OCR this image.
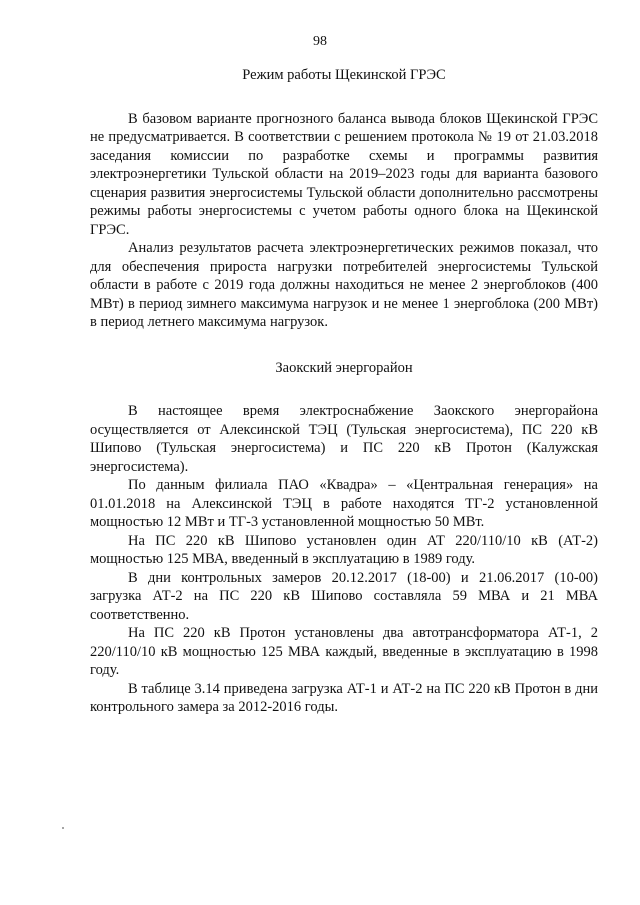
98
Режим работы Щекинской ГРЭС

В базовом варианте прогнозного баланса вывода блоков Щекинской ГРЭС не предусматривается. В соответствии с решением протокола № 19 от 21.03.2018 заседания комиссии по разработке схемы и программы развития электроэнергетики Тульской области на 2019–2023 годы для варианта базового сценария развития энергосистемы Тульской области дополнительно рассмотрены режимы работы энергосистемы с учетом работы одного блока на Щекинской ГРЭС.

Анализ результатов расчета электроэнергетических режимов показал, что для обеспечения прироста нагрузки потребителей энергосистемы Тульской области в работе с 2019 года должны находиться не менее 2 энергоблоков (400 МВт) в период зимнего максимума нагрузок и не менее 1 энергоблока (200 МВт) в период летнего максимума нагрузок.

Заокский энергорайон

В настоящее время электроснабжение Заокского энергорайона осуществляется от Алексинской ТЭЦ (Тульская энергосистема), ПС 220 кВ Шипово (Тульская энергосистема) и ПС 220 кВ Протон (Калужская энергосистема).

По данным филиала ПАО «Квадра» – «Центральная генерация» на 01.01.2018 на Алексинской ТЭЦ в работе находятся ТГ-2 установленной мощностью 12 МВт и ТГ-3 установленной мощностью 50 МВт.

На ПС 220 кВ Шипово установлен один АТ 220/110/10 кВ (АТ-2) мощностью 125 МВА, введенный в эксплуатацию в 1989 году.

В дни контрольных замеров 20.12.2017 (18-00) и 21.06.2017 (10-00) загрузка АТ-2 на ПС 220 кВ Шипово составляла 59 МВА и 21 МВА соответственно.

На ПС 220 кВ Протон установлены два автотрансформатора АТ-1, 2 220/110/10 кВ мощностью 125 МВА каждый, введенные в эксплуатацию в 1998 году.

В таблице 3.14 приведена загрузка АТ-1 и АТ-2 на ПС 220 кВ Протон в дни контрольного замера за 2012-2016 годы.
